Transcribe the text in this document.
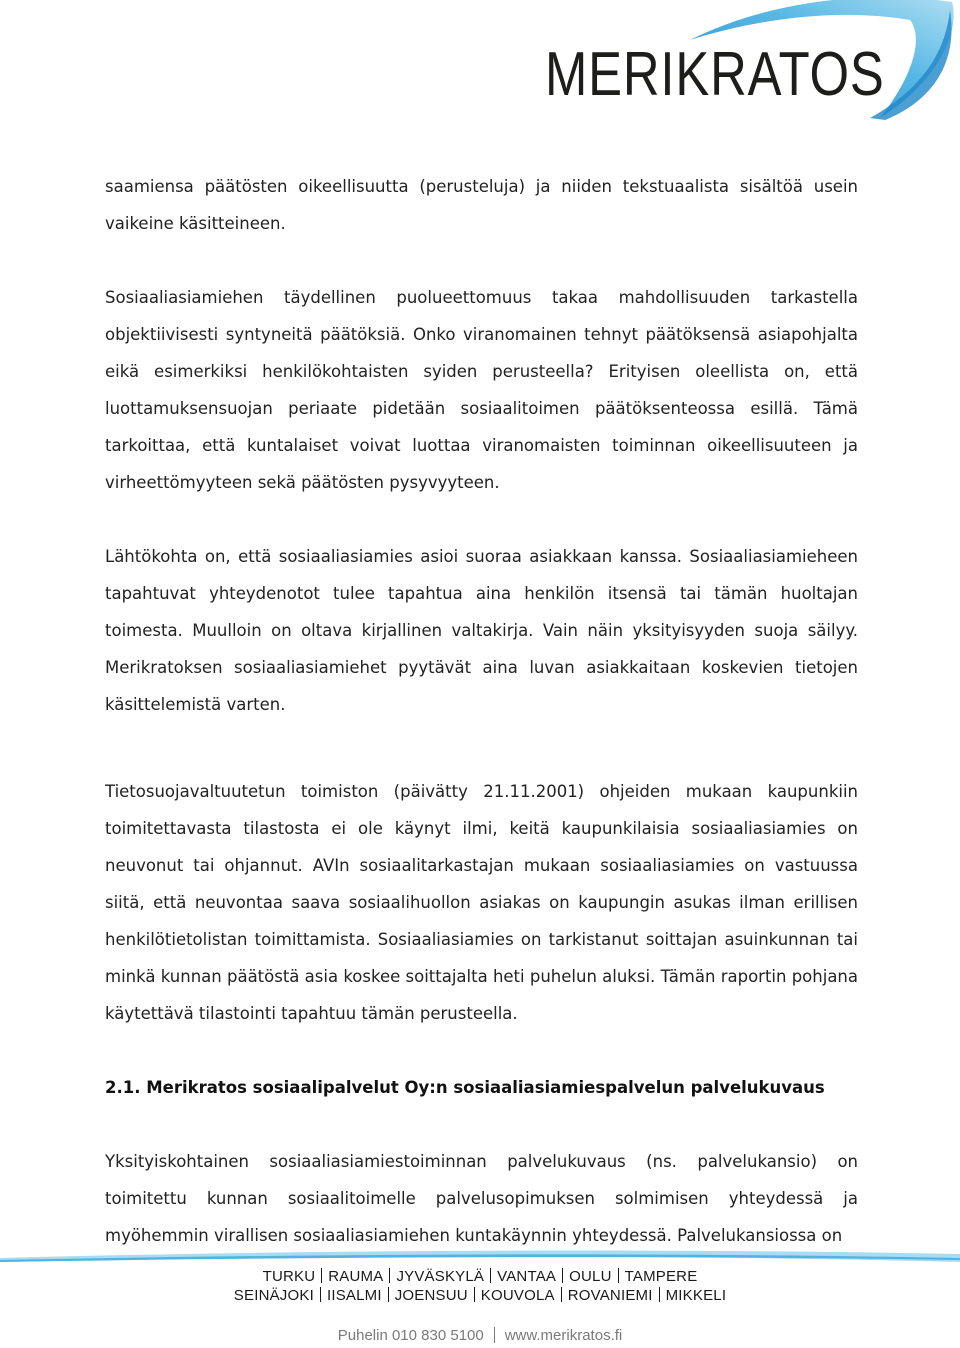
MERIKRATOS

saamiensa päätösten oikeellisuutta (perusteluja) ja niiden tekstuaalista sisältöä usein vaikeine käsitteineen.

Sosiaaliasiamiehen täydellinen puolueettomuus takaa mahdollisuuden tarkastella objektiivisesti syntyneitä päätöksiä. Onko viranomainen tehnyt päätöksensä asiapohjalta eikä esimerkiksi henkilökohtaisten syiden perusteella? Erityisen oleellista on, että luottamuksensuojan periaate pidetään sosiaalitoimen päätöksenteossa esillä. Tämä tarkoittaa, että kuntalaiset voivat luottaa viranomaisten toiminnan oikeellisuuteen ja virheettömyyteen sekä päätösten pysyvyyteen.

Lähtökohta on, että sosiaaliasiamies asioi suoraa asiakkaan kanssa. Sosiaaliasiamieheen tapahtuvat yhteydenotot tulee tapahtua aina henkilön itsensä tai tämän huoltajan toimesta. Muulloin on oltava kirjallinen valtakirja. Vain näin yksityisyyden suoja säilyy. Merikratoksen sosiaaliasiamiehet pyytävät aina luvan asiakkaitaan koskevien tietojen käsittelemistä varten.

Tietosuojavaltuutetun toimiston (päivätty 21.11.2001) ohjeiden mukaan kaupunkiin toimitettavasta tilastosta ei ole käynyt ilmi, keitä kaupunkilaisia sosiaaliasiamies on neuvonut tai ohjannut. AVIn sosiaalitarkastajan mukaan sosiaaliasiamies on vastuussa siitä, että neuvontaa saava sosiaalihuollon asiakas on kaupungin asukas ilman erillisen henkilötietolistan toimittamista. Sosiaaliasiamies on tarkistanut soittajan asuinkunnan tai minkä kunnan päätöstä asia koskee soittajalta heti puhelun aluksi. Tämän raportin pohjana käytettävä tilastointi tapahtuu tämän perusteella.

2.1. Merikratos sosiaalipalvelut Oy:n sosiaaliasiamiespalvelun palvelukuvaus

Yksityiskohtainen sosiaaliasiamiestoiminnan palvelukuvaus (ns. palvelukansio) on toimitettu kunnan sosiaalitoimelle palvelusopimuksen solmimisen yhteydessä ja myöhemmin virallisen sosiaaliasiamiehen kuntakäynnin yhteydessä. Palvelukansiossa on

TURKU RAUMA JYVÄSKYLÄ VANTAA OULU TAMPERE
SEINÄJOKI IISALMI JOENSUU KOUVOLA ROVANIEMI MIKKELI
Puhelin 010 830 5100 www.merikratos.fi
